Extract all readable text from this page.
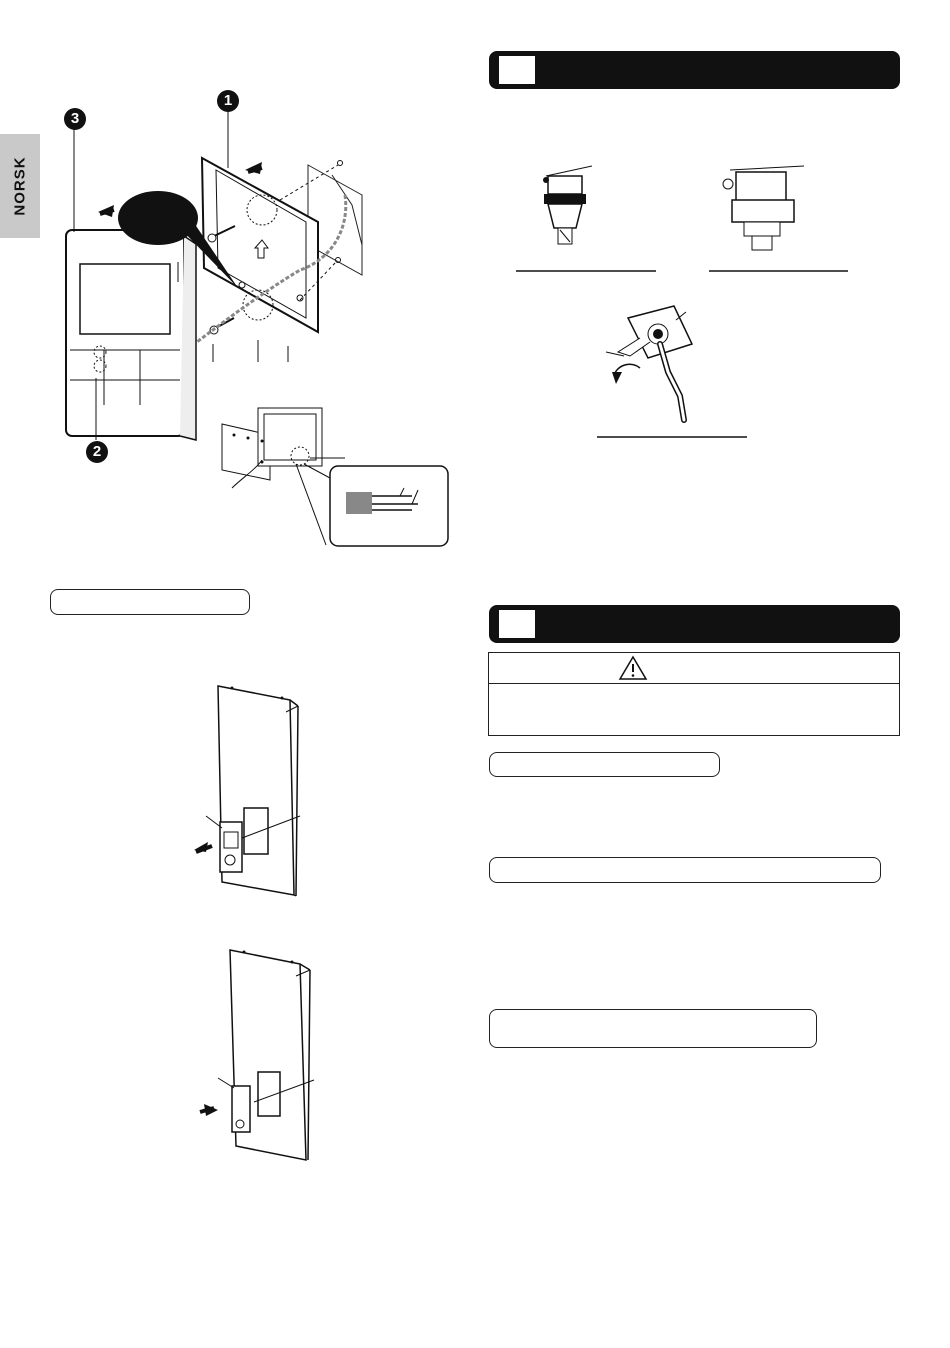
NORSK
1
2
3
